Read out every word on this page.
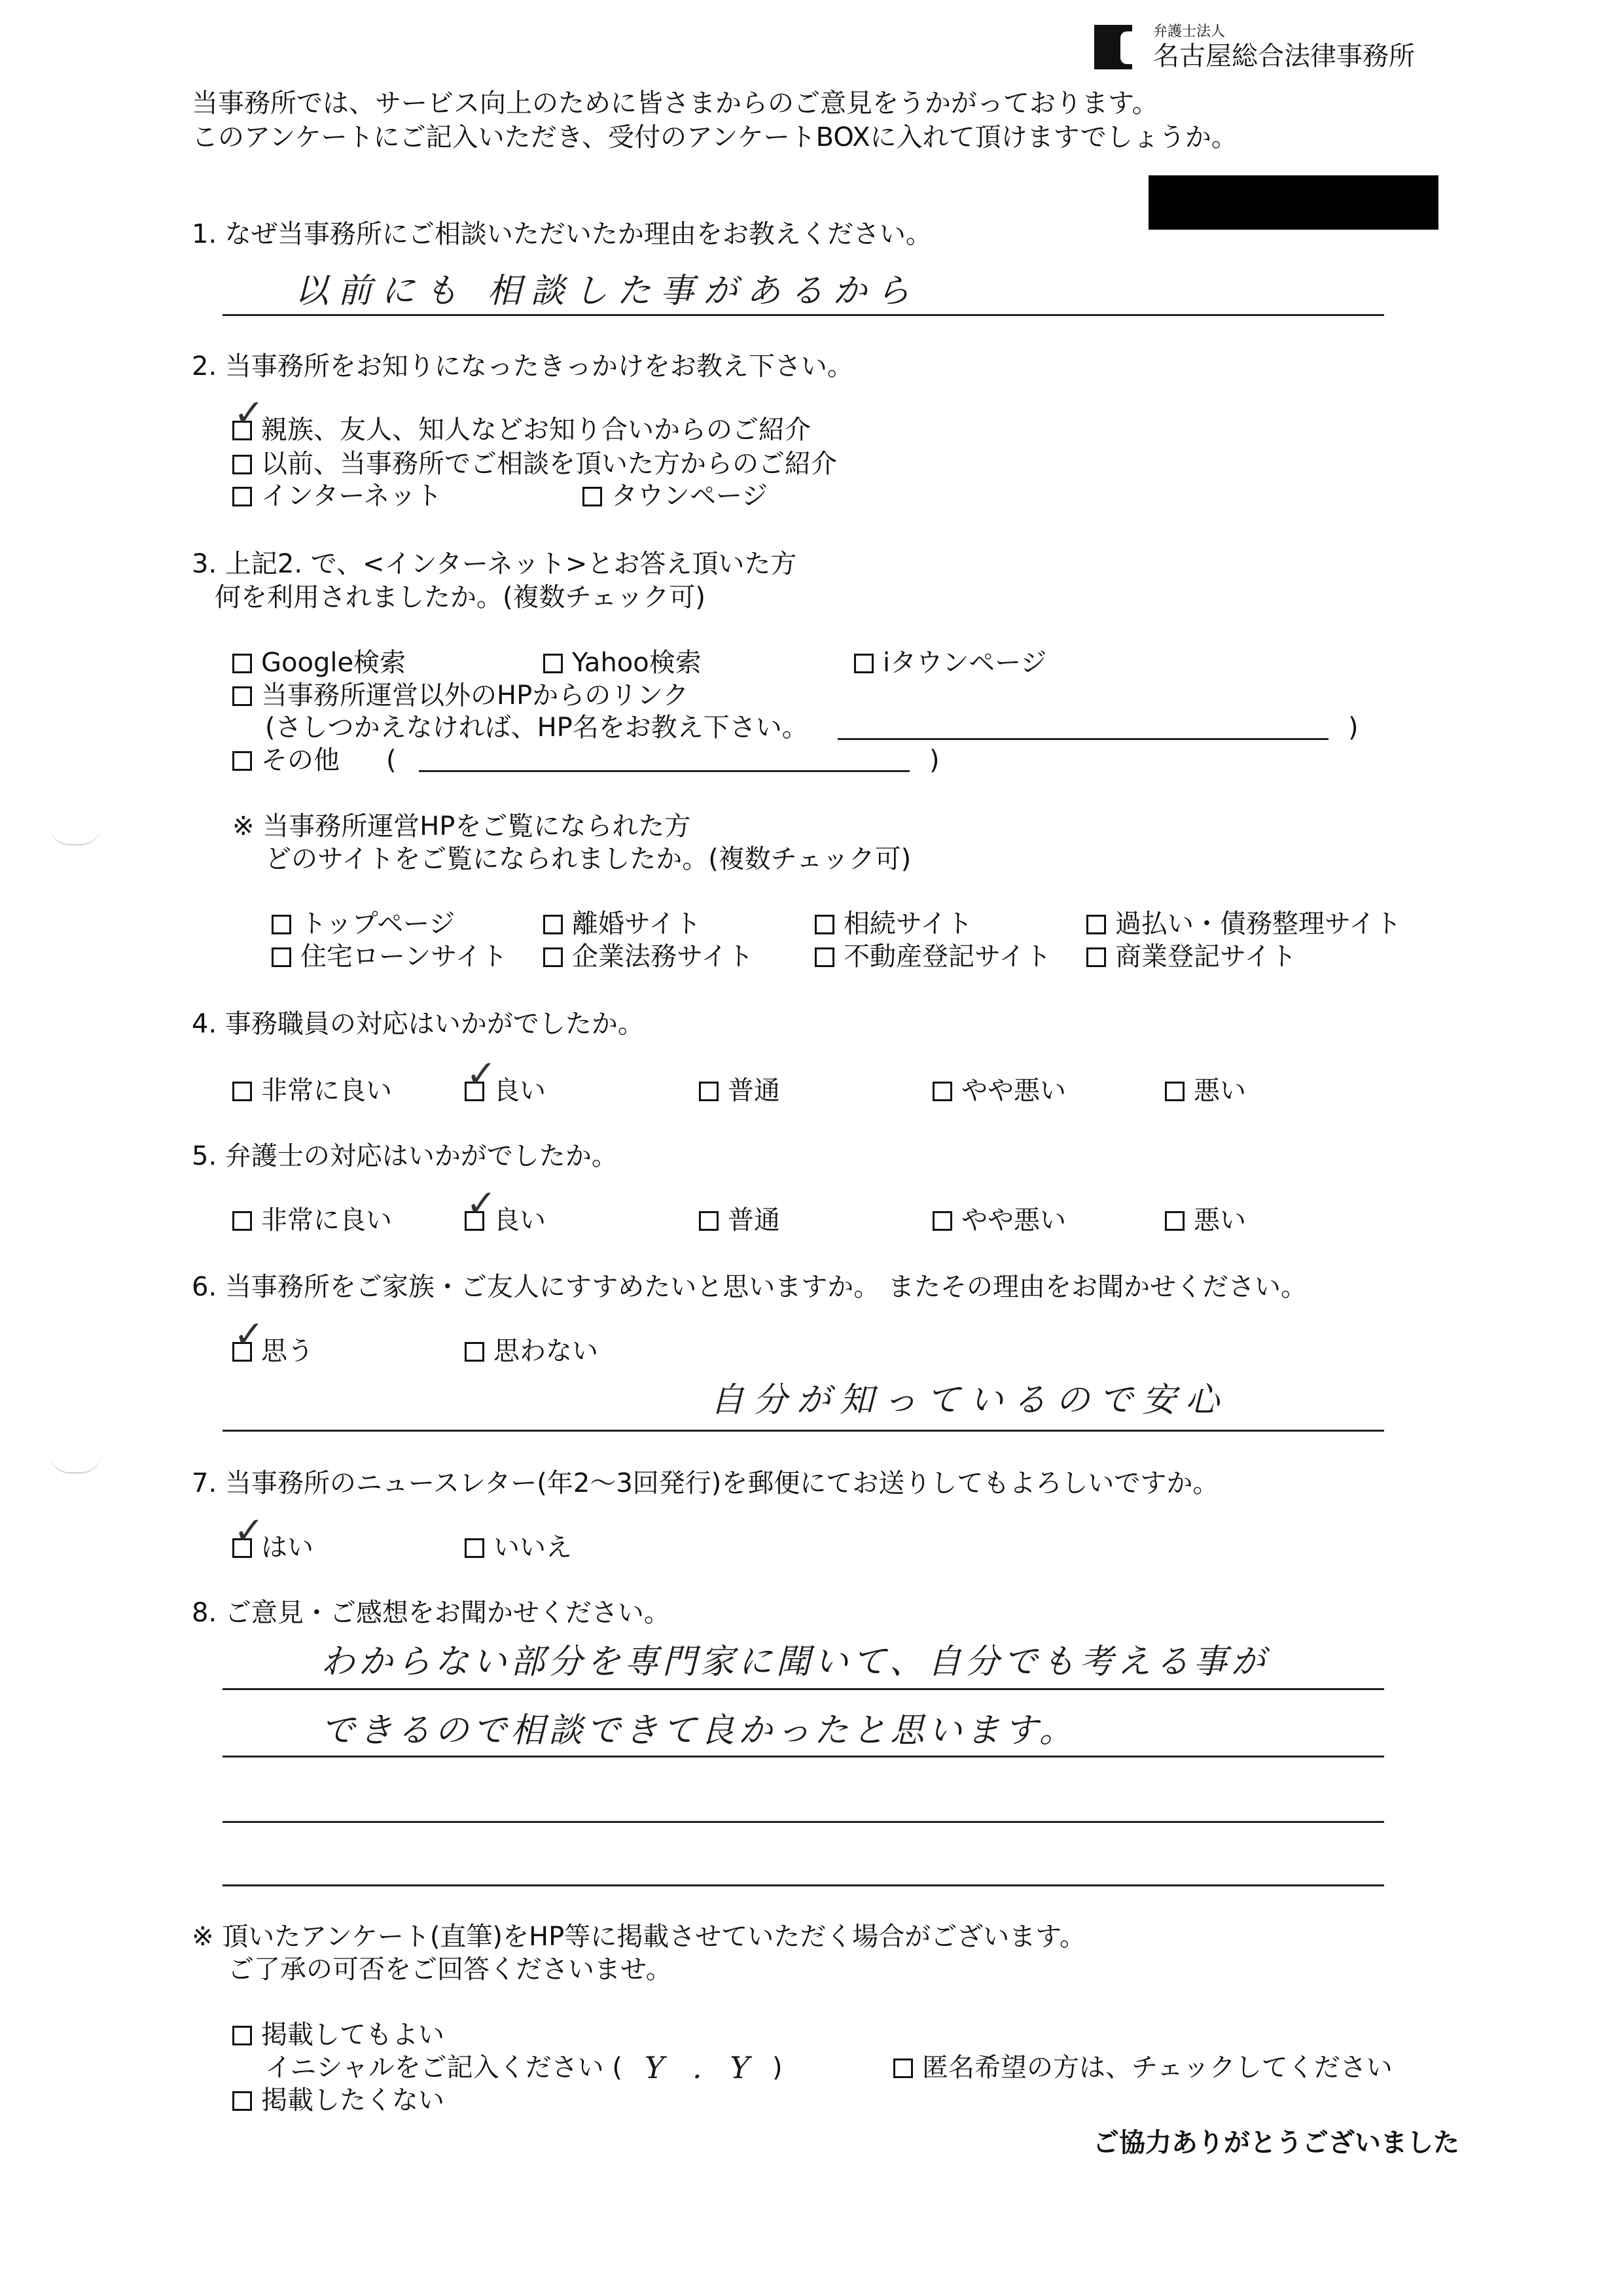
弁護士法人
名古屋総合法律事務所
当事務所では、サービス向上のために皆さまからのご意見をうかがっております。
このアンケートにご記入いただき、受付のアンケートBOXに入れて頂けますでしょうか。
1. なぜ当事務所にご相談いただいたか理由をお教えください。
以前にも 相談した事があるから
2. 当事務所をお知りになったきっかけをお教え下さい。
✓
親族、友人、知人などお知り合いからのご紹介
以前、当事務所でご相談を頂いた方からのご紹介
インターネット	タウンページ
3. 上記2. で、<インターネット>とお答え頂いた方
何を利用されましたか。(複数チェック可)
Google検索	Yahoo検索	iタウンページ
当事務所運営以外のHPからのリンク
(さしつかえなければ、HP名をお教え下さい。	)
その他 (	)
※ 当事務所運営HPをご覧になられた方
どのサイトをご覧になられましたか。(複数チェック可)
トップページ	離婚サイト	相続サイト	過払い・債務整理サイト
住宅ローンサイト	企業法務サイト	不動産登記サイト	商業登記サイト
4. 事務職員の対応はいかがでしたか。
非常に良い ✓
良い	普通	やや悪い	悪い
5. 弁護士の対応はいかがでしたか。
非常に良い ✓
良い	普通	やや悪い	悪い
6. 当事務所をご家族・ご友人にすすめたいと思いますか。 またその理由をお聞かせください。
✓
思う	思わない
自分が知っているので安心
7. 当事務所のニュースレター(年2～3回発行)を郵便にてお送りしてもよろしいですか。
✓
はい	いいえ
8. ご意見・ご感想をお聞かせください。
わからない部分を専門家に聞いて、自分でも考える事が
できるので相談できて良かったと思います。
※ 頂いたアンケート(直筆)をHP等に掲載させていただく場合がございます。
ご了承の可否をご回答くださいませ。
掲載してもよい
イニシャルをご記入ください ( Y . Y )	匿名希望の方は、チェックしてください
掲載したくない
ご協力ありがとうございました
